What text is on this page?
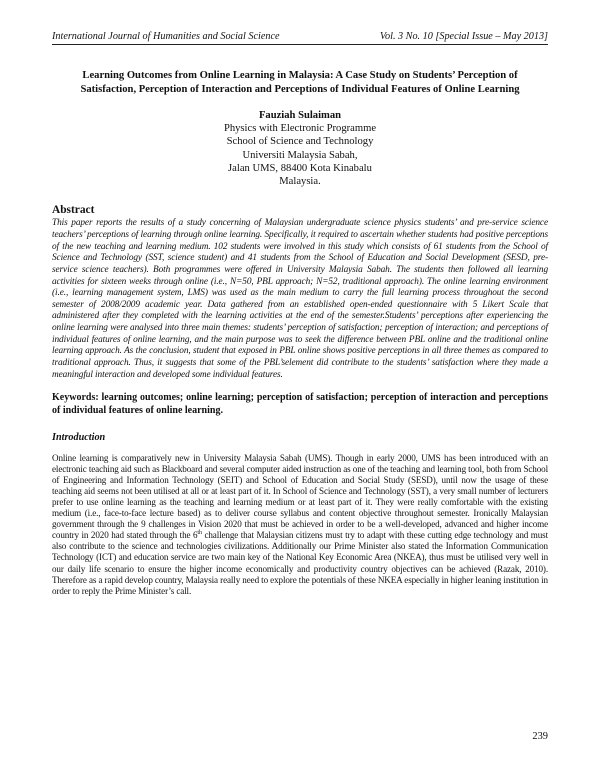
International Journal of Humanities and Social Science	Vol. 3 No. 10 [Special Issue – May 2013]
Learning Outcomes from Online Learning in Malaysia: A Case Study on Students’ Perception of Satisfaction, Perception of Interaction and Perceptions of Individual Features of Online Learning
Fauziah Sulaiman
Physics with Electronic Programme
School of Science and Technology
Universiti Malaysia Sabah,
Jalan UMS, 88400 Kota Kinabalu
Malaysia.
Abstract
This paper reports the results of a study concerning of Malaysian undergraduate science physics students’ and pre-service science teachers’ perceptions of learning through online learning. Specifically, it required to ascertain whether students had positive perceptions of the new teaching and learning medium. 102 students were involved in this study which consists of 61 students from the School of Science and Technology (SST, science student) and 41 students from the School of Education and Social Development (SESD, pre-service science teachers). Both programmes were offered in University Malaysia Sabah. The students then followed all learning activities for sixteen weeks through online (i.e., N=50, PBL approach; N=52, traditional approach). The online learning environment (i.e., learning management system, LMS) was used as the main medium to carry the full learning process throughout the second semester of 2008/2009 academic year. Data gathered from an established open-ended questionnaire with 5 Likert Scale that administered after they completed with the learning activities at the end of the semester.Students’ perceptions after experiencing the online learning were analysed into three main themes: students’ perception of satisfaction; perception of interaction; and perceptions of individual features of online learning, and the main purpose was to seek the difference between PBL online and the traditional online learning approach. As the conclusion, student that exposed in PBL online shows positive perceptions in all three themes as compared to traditional approach. Thus, it suggests that some of the PBL’selement did contribute to the students’ satisfaction where they made a meaningful interaction and developed some individual features.
Keywords: learning outcomes; online learning; perception of satisfaction; perception of interaction and perceptions of individual features of online learning.
Introduction
Online learning is comparatively new in University Malaysia Sabah (UMS). Though in early 2000, UMS has been introduced with an electronic teaching aid such as Blackboard and several computer aided instruction as one of the teaching and learning tool, both from School of Engineering and Information Technology (SEIT) and School of Education and Social Study (SESD), until now the usage of these teaching aid seems not been utilised at all or at least part of it. In School of Science and Technology (SST), a very small number of lecturers prefer to use online learning as the teaching and learning medium or at least part of it. They were really comfortable with the existing medium (i.e., face-to-face lecture based) as to deliver course syllabus and content objective throughout semester. Ironically Malaysian government through the 9 challenges in Vision 2020 that must be achieved in order to be a well-developed, advanced and higher income country in 2020 had stated through the 6th challenge that Malaysian citizens must try to adapt with these cutting edge technology and must also contribute to the science and technologies civilizations. Additionally our Prime Minister also stated the Information Communication Technology (ICT) and education service are two main key of the National Key Economic Area (NKEA), thus must be utilised very well in our daily life scenario to ensure the higher income economically and productivity country objectives can be achieved (Razak, 2010). Therefore as a rapid develop country, Malaysia really need to explore the potentials of these NKEA especially in higher leaning institution in order to reply the Prime Minister’s call.
239
